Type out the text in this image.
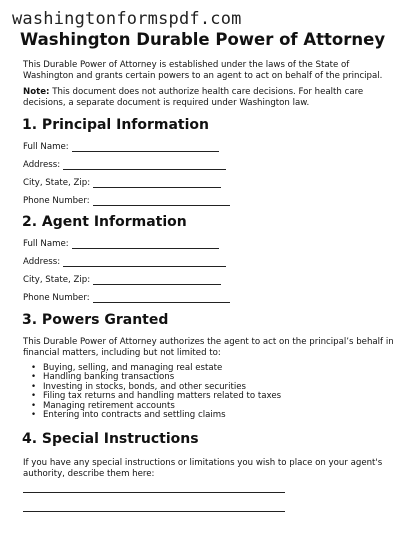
washingtonformspdf.com
Washington Durable Power of Attorney

This Durable Power of Attorney is established under the laws of the State of Washington and grants certain powers to an agent to act on behalf of the principal.

Note: This document does not authorize health care decisions. For health care decisions, a separate document is required under Washington law.

1. Principal Information
Full Name:
Address:
City, State, Zip:
Phone Number:
2. Agent Information
Full Name:
Address:
City, State, Zip:
Phone Number:
3. Powers Granted

This Durable Power of Attorney authorizes the agent to act on the principal’s behalf in financial matters, including but not limited to:

• Buying, selling, and managing real estate
• Handling banking transactions
• Investing in stocks, bonds, and other securities
• Filing tax returns and handling matters related to taxes
• Managing retirement accounts
• Entering into contracts and settling claims
4. Special Instructions

If you have any special instructions or limitations you wish to place on your agent's authority, describe them here:
